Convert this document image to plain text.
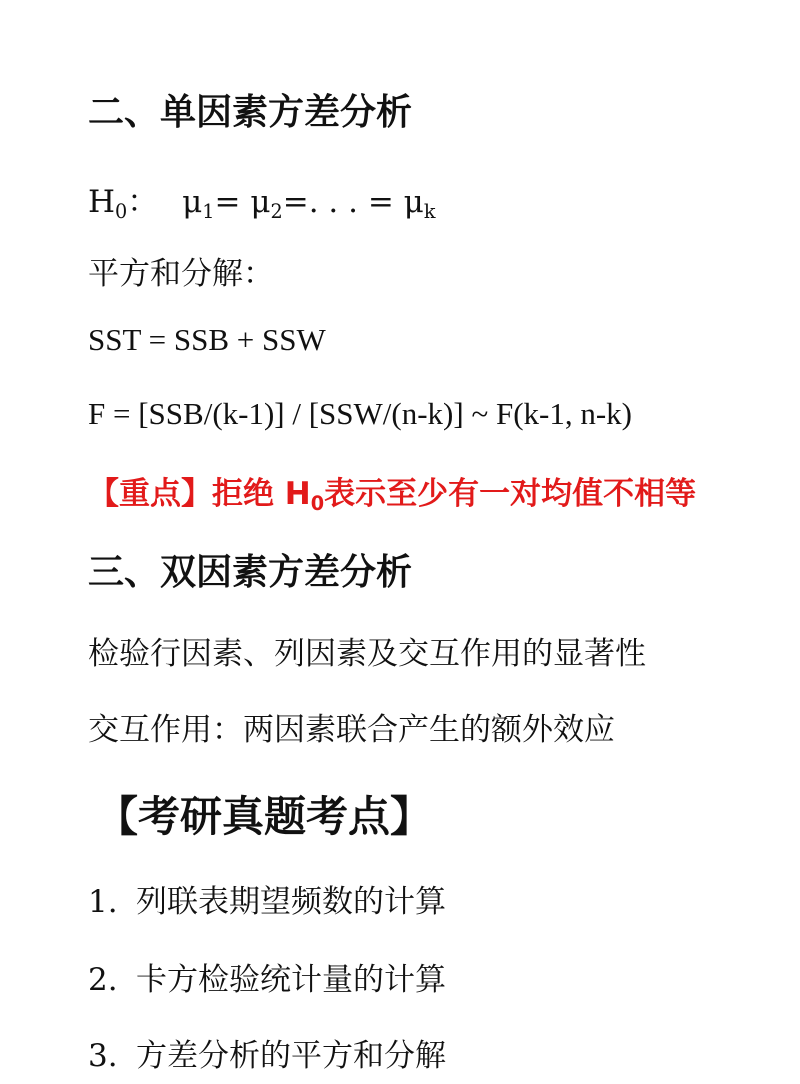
二、单因素方差分析
$H_0$： $\mu_1= \mu_2=$. . . = $\mu_k$
平方和分解：
SST = SSB + SSW
F = [SSB/(k-1)] / [SSW/(n-k)] ~ F(k-1, n-k)
【重点】拒绝 $H_0$表示至少有一对均值不相等
三、双因素方差分析
检验行因素、列因素及交互作用的显著性
交互作用：两因素联合产生的额外效应
【考研真题考点】
1. 列联表期望频数的计算
2. 卡方检验统计量的计算
3. 方差分析的平方和分解
